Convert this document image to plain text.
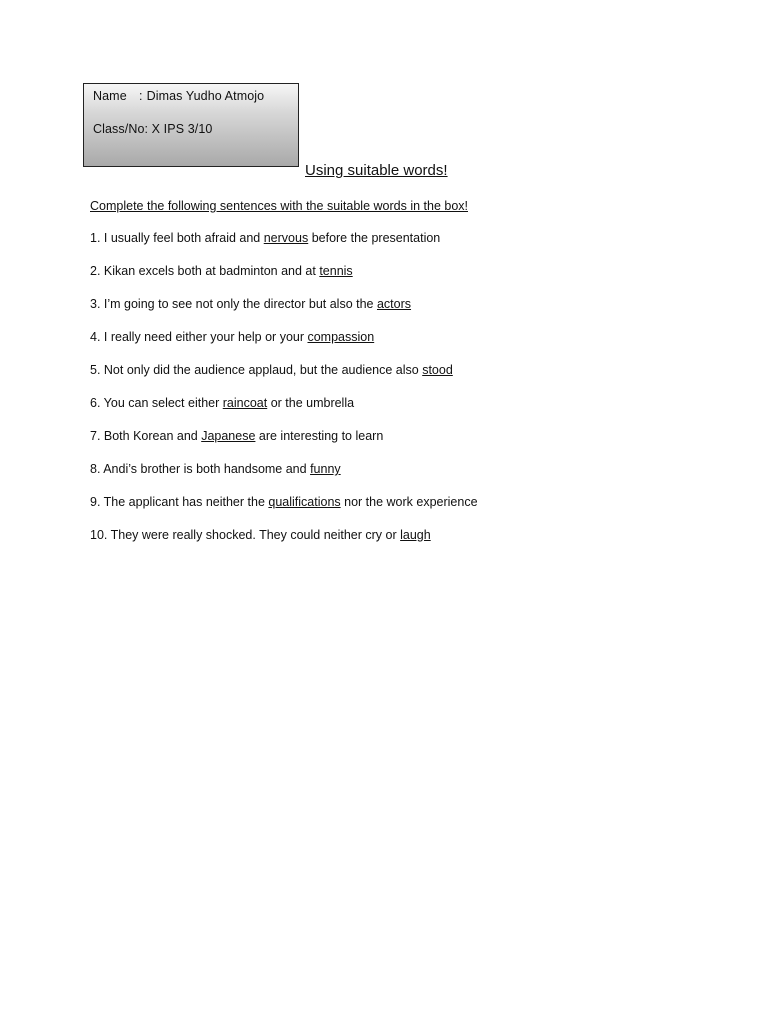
Name : Dimas Yudho Atmojo
Class/No: X IPS 3/10
Using suitable words!
Complete the following sentences with the suitable words in the box!
1. I usually feel both afraid and nervous before the presentation
2. Kikan excels both at badminton and at tennis
3. I’m going to see not only the director but also the actors
4. I really need either your help or your compassion
5. Not only did the audience applaud, but the audience also stood
6. You can select either raincoat or the umbrella
7. Both Korean and Japanese are interesting to learn
8. Andi’s brother is both handsome and funny
9. The applicant has neither the qualifications nor the work experience
10. They were really shocked. They could neither cry or laugh
